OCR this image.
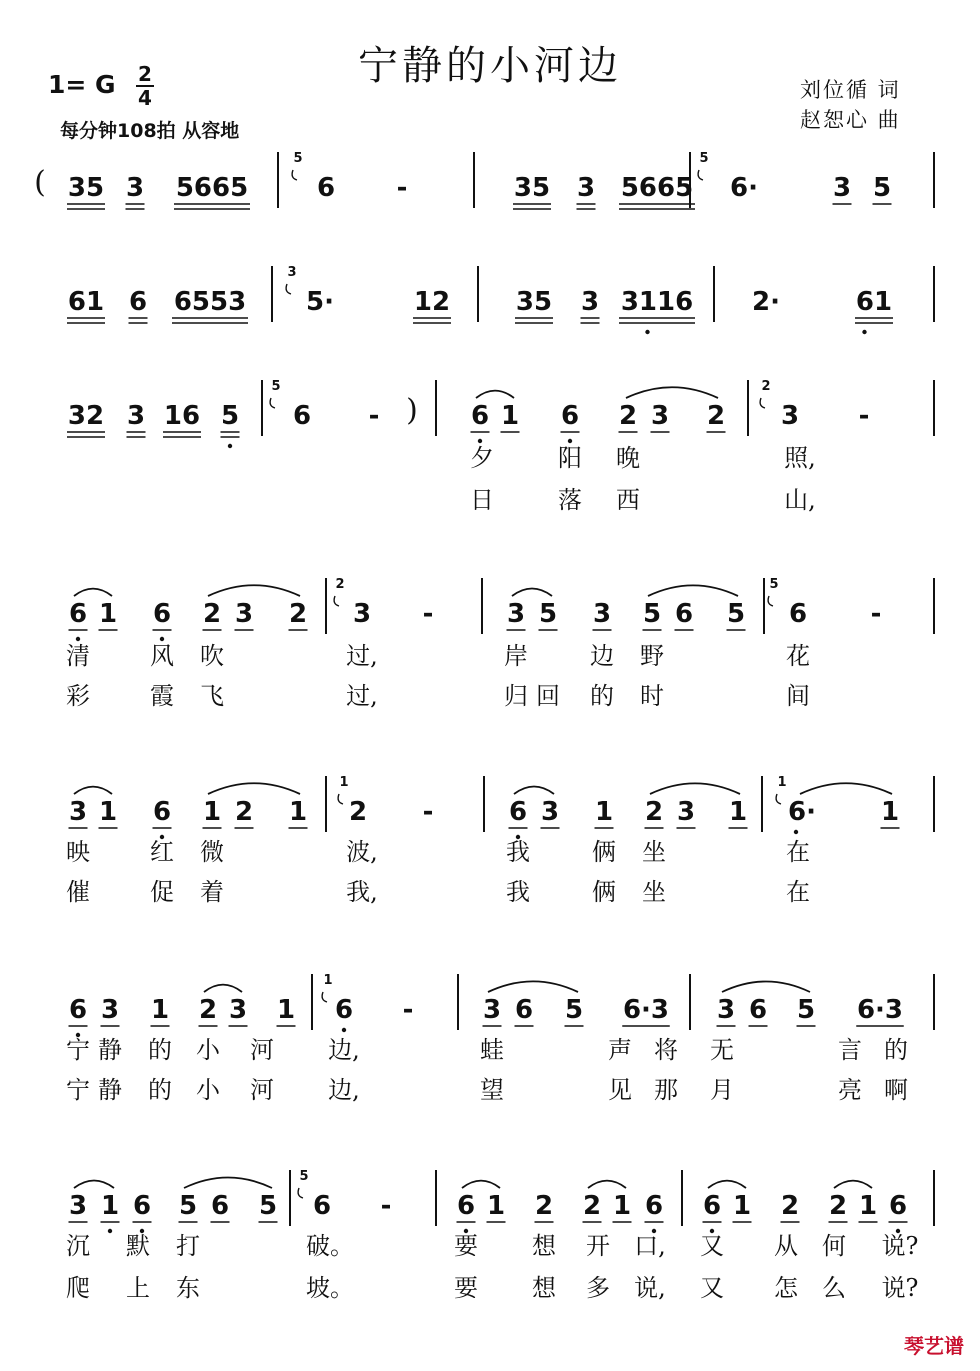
宁静的小河边
1= G 2
4
每分钟108拍 从容地
刘位循 词
赵恕心 曲
( 35 3 5665	6
5
-	35 3 5665 6·
5
3 5
61 6 6553 5·
3
12	35 3 3116 2·	61
)
32 3 16 5 6
5
-	6 1 6 2 3 2 3
2
-
夕	阳 晚	照,
日	落 西	山,
6 1 6 2 3 2 3
2
-	3 5 3 5 6 5 6
5
-
清	风 吹	过,	岸	边 野	花
彩	霞 飞	过,	归 回 的 时	间
3 1 6 1 2 1 2
1
-	6 3 1 2 3 1 6·
1
1
映	红 微	波,	我	俩 坐	在
催	促 着	我,	我	俩 坐	在
6 3 1 2 3 1 6
1
-	3 6 5 6·3 3 6 5 6·3
宁 静 的 小 河 边,	蛙	声 将 无	言 的
宁 静 的 小 河 边,	望	见 那 月	亮 啊
3 1 6 5 6 5 6
5
-	6 1 2 2 1 6 6 1 2 2 1 6
沉 默 打	破。	要 想 开 口, 又 从 何 说?
爬 上 东	坡。	要 想 多 说, 又 怎 么 说?
琴艺谱
